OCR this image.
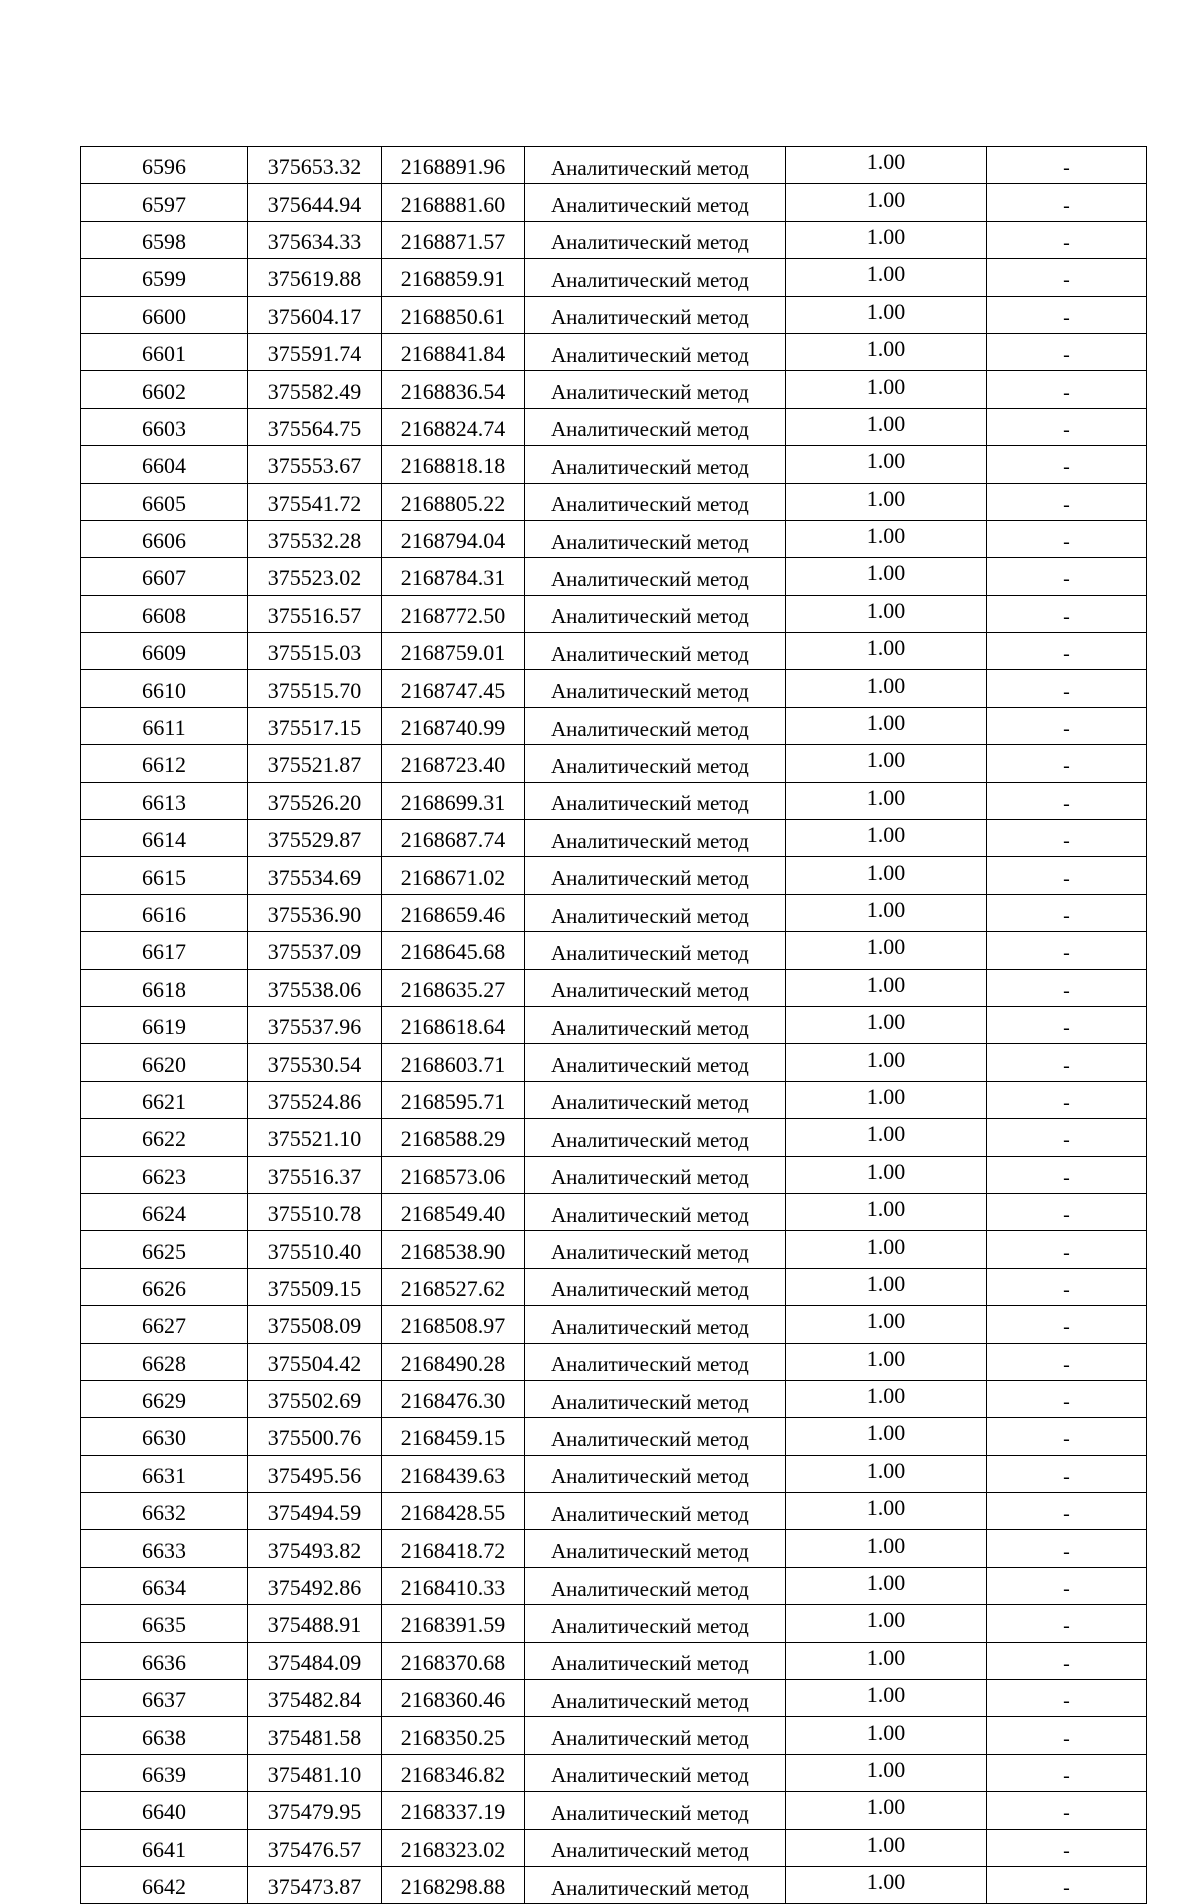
6596	375653.32	2168891.96	Аналитический метод	1.00	-
6597	375644.94	2168881.60	Аналитический метод	1.00	-
6598	375634.33	2168871.57	Аналитический метод	1.00	-
6599	375619.88	2168859.91	Аналитический метод	1.00	-
6600	375604.17	2168850.61	Аналитический метод	1.00	-
6601	375591.74	2168841.84	Аналитический метод	1.00	-
6602	375582.49	2168836.54	Аналитический метод	1.00	-
6603	375564.75	2168824.74	Аналитический метод	1.00	-
6604	375553.67	2168818.18	Аналитический метод	1.00	-
6605	375541.72	2168805.22	Аналитический метод	1.00	-
6606	375532.28	2168794.04	Аналитический метод	1.00	-
6607	375523.02	2168784.31	Аналитический метод	1.00	-
6608	375516.57	2168772.50	Аналитический метод	1.00	-
6609	375515.03	2168759.01	Аналитический метод	1.00	-
6610	375515.70	2168747.45	Аналитический метод	1.00	-
6611	375517.15	2168740.99	Аналитический метод	1.00	-
6612	375521.87	2168723.40	Аналитический метод	1.00	-
6613	375526.20	2168699.31	Аналитический метод	1.00	-
6614	375529.87	2168687.74	Аналитический метод	1.00	-
6615	375534.69	2168671.02	Аналитический метод	1.00	-
6616	375536.90	2168659.46	Аналитический метод	1.00	-
6617	375537.09	2168645.68	Аналитический метод	1.00	-
6618	375538.06	2168635.27	Аналитический метод	1.00	-
6619	375537.96	2168618.64	Аналитический метод	1.00	-
6620	375530.54	2168603.71	Аналитический метод	1.00	-
6621	375524.86	2168595.71	Аналитический метод	1.00	-
6622	375521.10	2168588.29	Аналитический метод	1.00	-
6623	375516.37	2168573.06	Аналитический метод	1.00	-
6624	375510.78	2168549.40	Аналитический метод	1.00	-
6625	375510.40	2168538.90	Аналитический метод	1.00	-
6626	375509.15	2168527.62	Аналитический метод	1.00	-
6627	375508.09	2168508.97	Аналитический метод	1.00	-
6628	375504.42	2168490.28	Аналитический метод	1.00	-
6629	375502.69	2168476.30	Аналитический метод	1.00	-
6630	375500.76	2168459.15	Аналитический метод	1.00	-
6631	375495.56	2168439.63	Аналитический метод	1.00	-
6632	375494.59	2168428.55	Аналитический метод	1.00	-
6633	375493.82	2168418.72	Аналитический метод	1.00	-
6634	375492.86	2168410.33	Аналитический метод	1.00	-
6635	375488.91	2168391.59	Аналитический метод	1.00	-
6636	375484.09	2168370.68	Аналитический метод	1.00	-
6637	375482.84	2168360.46	Аналитический метод	1.00	-
6638	375481.58	2168350.25	Аналитический метод	1.00	-
6639	375481.10	2168346.82	Аналитический метод	1.00	-
6640	375479.95	2168337.19	Аналитический метод	1.00	-
6641	375476.57	2168323.02	Аналитический метод	1.00	-
6642	375473.87	2168298.88	Аналитический метод	1.00	-
